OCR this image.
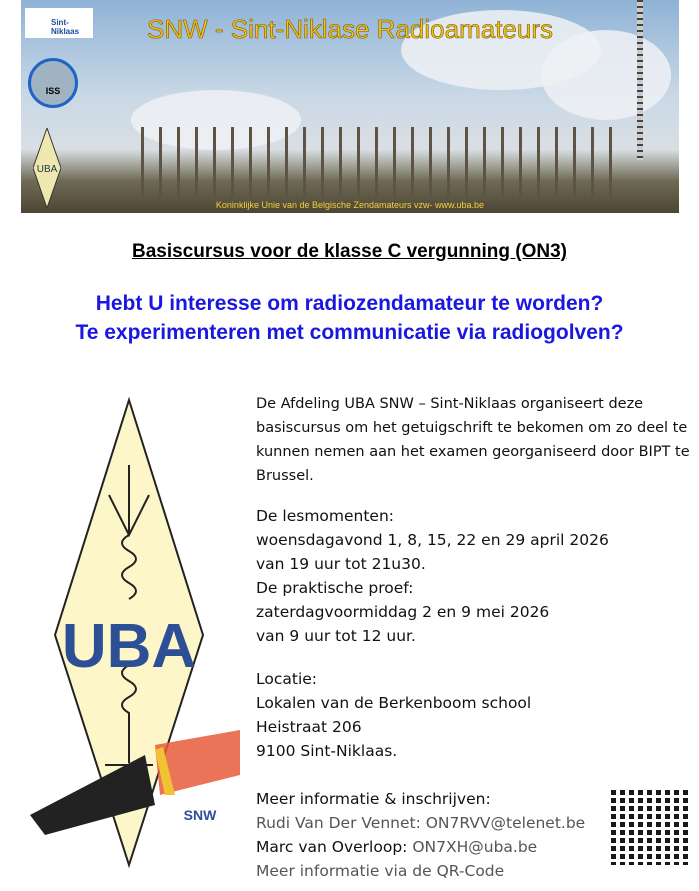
Sint-Niklaas
ISS
UBA
SNW - Sint-Niklase Radioamateurs
Koninklijke Unie van de Belgische Zendamateurs vzw- www.uba.be
Basiscursus voor de klasse C vergunning (ON3)
Hebt U interesse om radiozendamateur te worden?
Te experimenteren met communicatie via radiogolven?
UBA
SNW
De Afdeling UBA SNW – Sint-Niklaas organiseert deze
basiscursus om het getuigschrift te bekomen om zo deel te
kunnen nemen aan het examen georganiseerd door BIPT te
Brussel.
De lesmomenten:
woensdagavond 1, 8, 15, 22 en 29 april 2026
van 19 uur tot 21u30.
De praktische proef:
zaterdagvoormiddag 2 en 9 mei 2026
van 9 uur tot 12 uur.
Locatie:
Lokalen van de Berkenboom school
Heistraat 206
9100 Sint-Niklaas.
Meer informatie & inschrijven:
Rudi Van Der Vennet: ON7RVV@telenet.be
Marc van Overloop: ON7XH@uba.be
Meer informatie via de QR-Code
